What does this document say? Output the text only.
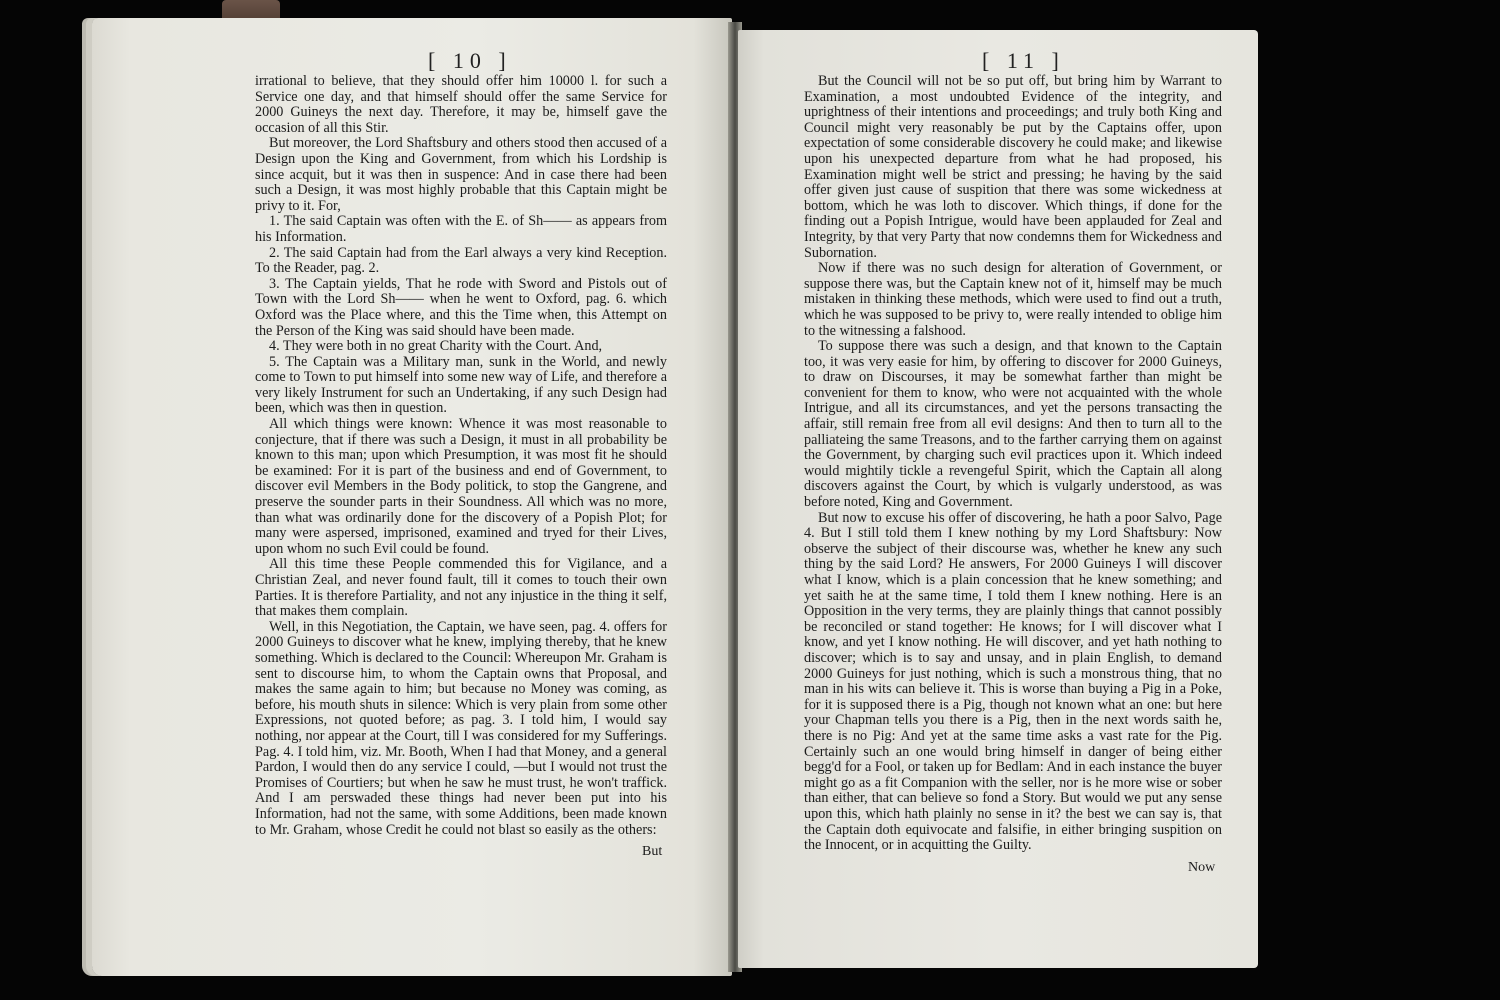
[ 10 ]

irrational to believe, that they should offer him 10000 l. for such a Service one day, and that himself should offer the same Service for 2000 Guineys the next day. Therefore, it may be, himself gave the occasion of all this Stir.

But moreover, the Lord Shaftsbury and others stood then accused of a Design upon the King and Government, from which his Lordship is since acquit, but it was then in suspence: And in case there had been such a Design, it was most highly probable that this Captain might be privy to it. For,

1. The said Captain was often with the E. of Sh—— as appears from his Information.

2. The said Captain had from the Earl always a very kind Reception. To the Reader, pag. 2.

3. The Captain yields, That he rode with Sword and Pistols out of Town with the Lord Sh—— when he went to Oxford, pag. 6. which Oxford was the Place where, and this the Time when, this Attempt on the Person of the King was said should have been made.

4. They were both in no great Charity with the Court. And,

5. The Captain was a Military man, sunk in the World, and newly come to Town to put himself into some new way of Life, and therefore a very likely Instrument for such an Undertaking, if any such Design had been, which was then in question.

All which things were known: Whence it was most reasonable to conjecture, that if there was such a Design, it must in all probability be known to this man; upon which Presumption, it was most fit he should be examined: For it is part of the business and end of Government, to discover evil Members in the Body politick, to stop the Gangrene, and preserve the sounder parts in their Soundness. All which was no more, than what was ordinarily done for the discovery of a Popish Plot; for many were aspersed, imprisoned, examined and tryed for their Lives, upon whom no such Evil could be found.

All this time these People commended this for Vigilance, and a Christian Zeal, and never found fault, till it comes to touch their own Parties. It is therefore Partiality, and not any injustice in the thing it self, that makes them complain.

Well, in this Negotiation, the Captain, we have seen, pag. 4. offers for 2000 Guineys to discover what he knew, implying thereby, that he knew something. Which is declared to the Council: Whereupon Mr. Graham is sent to discourse him, to whom the Captain owns that Proposal, and makes the same again to him; but because no Money was coming, as before, his mouth shuts in silence: Which is very plain from some other Expressions, not quoted before; as pag. 3. I told him, I would say nothing, nor appear at the Court, till I was considered for my Sufferings. Pag. 4. I told him, viz. Mr. Booth, When I had that Money, and a general Pardon, I would then do any service I could, —but I would not trust the Promises of Courtiers; but when he saw he must trust, he won't traffick. And I am perswaded these things had never been put into his Information, had not the same, with some Additions, been made known to Mr. Graham, whose Credit he could not blast so easily as the others:

But
[ 11 ]

But the Council will not be so put off, but bring him by Warrant to Examination, a most undoubted Evidence of the integrity, and uprightness of their intentions and proceedings; and truly both King and Council might very reasonably be put by the Captains offer, upon expectation of some considerable discovery he could make; and likewise upon his unexpected departure from what he had proposed, his Examination might well be strict and pressing; he having by the said offer given just cause of suspition that there was some wickedness at bottom, which he was loth to discover. Which things, if done for the finding out a Popish Intrigue, would have been applauded for Zeal and Integrity, by that very Party that now condemns them for Wickedness and Subornation.

Now if there was no such design for alteration of Government, or suppose there was, but the Captain knew not of it, himself may be much mistaken in thinking these methods, which were used to find out a truth, which he was supposed to be privy to, were really intended to oblige him to the witnessing a falshood.

To suppose there was such a design, and that known to the Captain too, it was very easie for him, by offering to discover for 2000 Guineys, to draw on Discourses, it may be somewhat farther than might be convenient for them to know, who were not acquainted with the whole Intrigue, and all its circumstances, and yet the persons transacting the affair, still remain free from all evil designs: And then to turn all to the palliateing the same Treasons, and to the farther carrying them on against the Government, by charging such evil practices upon it. Which indeed would mightily tickle a revengeful Spirit, which the Captain all along discovers against the Court, by which is vulgarly understood, as was before noted, King and Government.

But now to excuse his offer of discovering, he hath a poor Salvo, Page 4. But I still told them I knew nothing by my Lord Shaftsbury: Now observe the subject of their discourse was, whether he knew any such thing by the said Lord? He answers, For 2000 Guineys I will discover what I know, which is a plain concession that he knew something; and yet saith he at the same time, I told them I knew nothing. Here is an Opposition in the very terms, they are plainly things that cannot possibly be reconciled or stand together: He knows; for I will discover what I know, and yet I know nothing. He will discover, and yet hath nothing to discover; which is to say and unsay, and in plain English, to demand 2000 Guineys for just nothing, which is such a monstrous thing, that no man in his wits can believe it. This is worse than buying a Pig in a Poke, for it is supposed there is a Pig, though not known what an one: but here your Chapman tells you there is a Pig, then in the next words saith he, there is no Pig: And yet at the same time asks a vast rate for the Pig. Certainly such an one would bring himself in danger of being either begg'd for a Fool, or taken up for Bedlam: And in each instance the buyer might go as a fit Companion with the seller, nor is he more wise or sober than either, that can believe so fond a Story. But would we put any sense upon this, which hath plainly no sense in it? the best we can say is, that the Captain doth equivocate and falsifie, in either bringing suspition on the Innocent, or in acquitting the Guilty.

Now
